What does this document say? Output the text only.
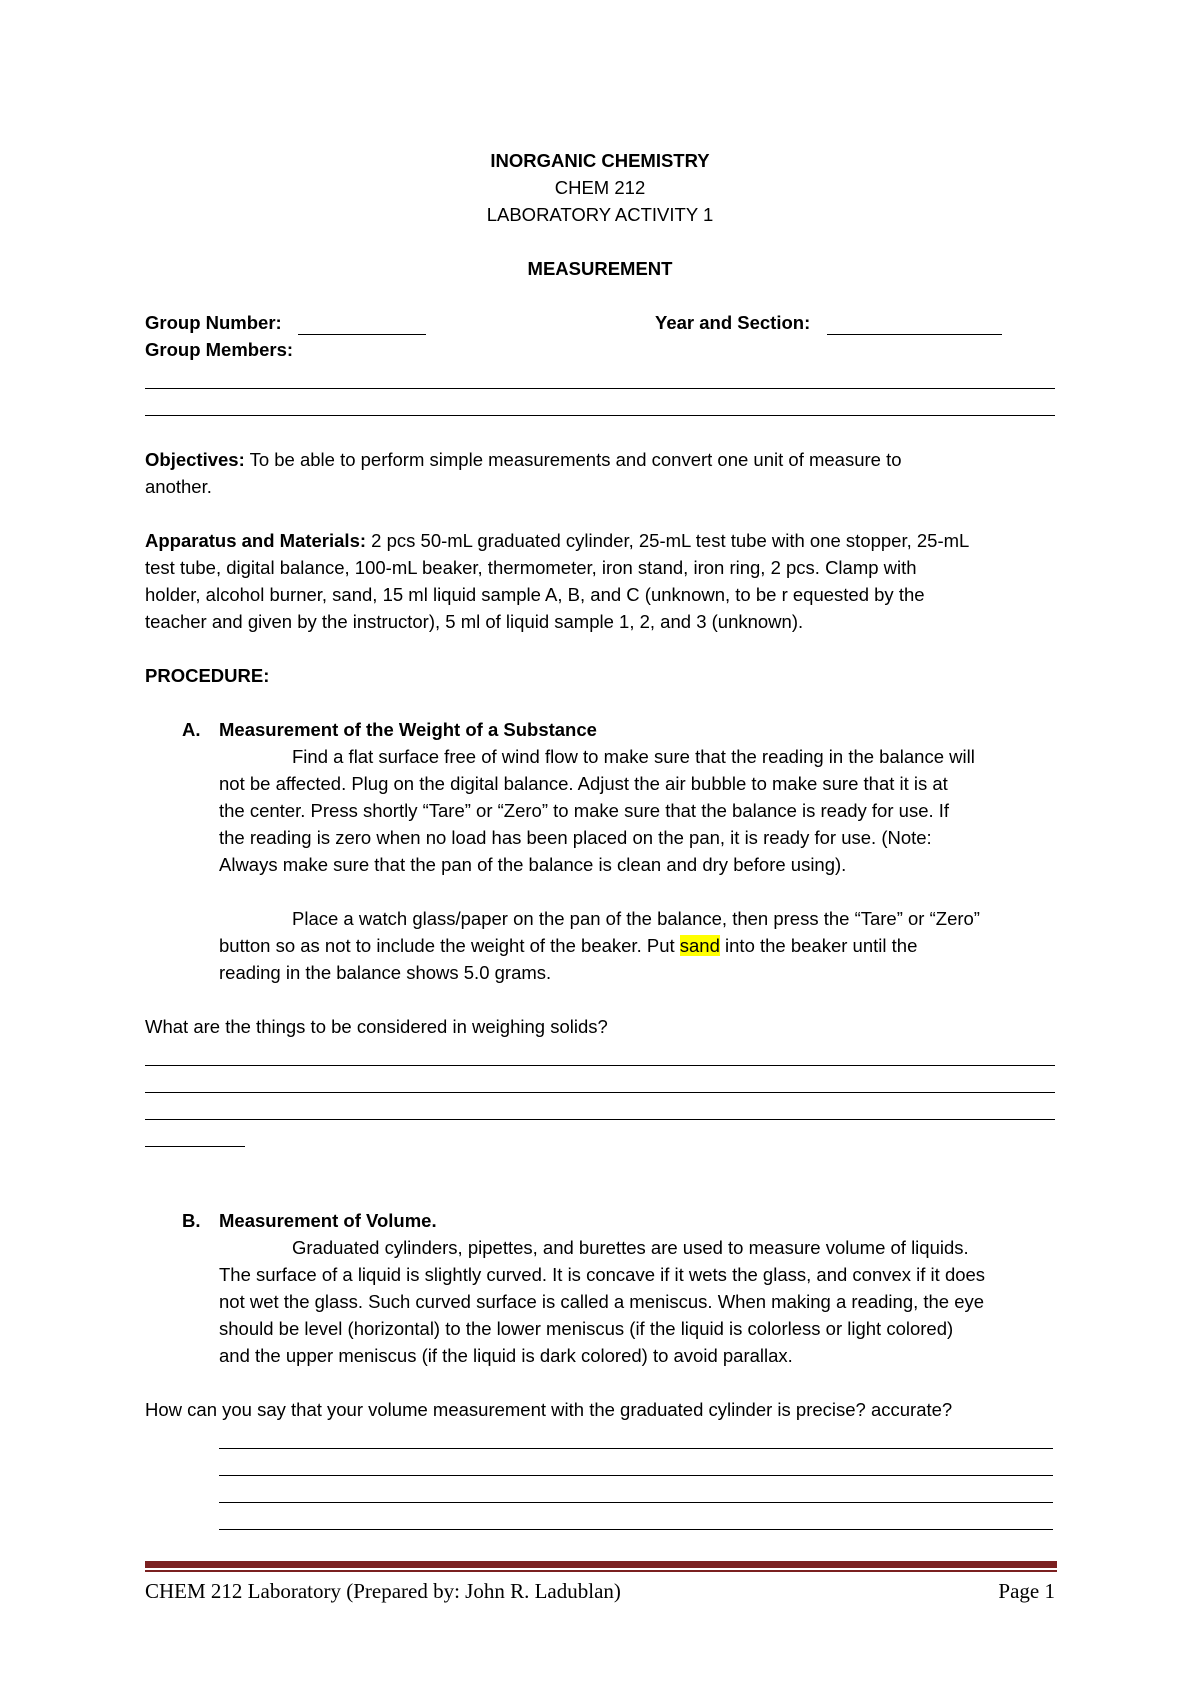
INORGANIC CHEMISTRY
CHEM 212
LABORATORY ACTIVITY 1
MEASUREMENT
Group Number:	Year and Section:
Group Members:
Objectives: To be able to perform simple measurements and convert one unit of measure to
another.
Apparatus and Materials: 2 pcs 50-mL graduated cylinder, 25-mL test tube with one stopper, 25-mL
test tube, digital balance, 100-mL beaker, thermometer, iron stand, iron ring, 2 pcs. Clamp with
holder, alcohol burner, sand, 15 ml liquid sample A, B, and C (unknown, to be r equested by the
teacher and given by the instructor), 5 ml of liquid sample 1, 2, and 3 (unknown).
PROCEDURE:
A. Measurement of the Weight of a Substance
Find a flat surface free of wind flow to make sure that the reading in the balance will
not be affected. Plug on the digital balance. Adjust the air bubble to make sure that it is at
the center. Press shortly “Tare” or “Zero” to make sure that the balance is ready for use. If
the reading is zero when no load has been placed on the pan, it is ready for use. (Note:
Always make sure that the pan of the balance is clean and dry before using).
Place a watch glass/paper on the pan of the balance, then press the “Tare” or “Zero”
button so as not to include the weight of the beaker. Put sand into the beaker until the
reading in the balance shows 5.0 grams.
What are the things to be considered in weighing solids?
B. Measurement of Volume.
Graduated cylinders, pipettes, and burettes are used to measure volume of liquids.
The surface of a liquid is slightly curved. It is concave if it wets the glass, and convex if it does
not wet the glass. Such curved surface is called a meniscus. When making a reading, the eye
should be level (horizontal) to the lower meniscus (if the liquid is colorless or light colored)
and the upper meniscus (if the liquid is dark colored) to avoid parallax.
How can you say that your volume measurement with the graduated cylinder is precise? accurate?
CHEM 212 Laboratory (Prepared by: John R. Ladublan)	Page 1
